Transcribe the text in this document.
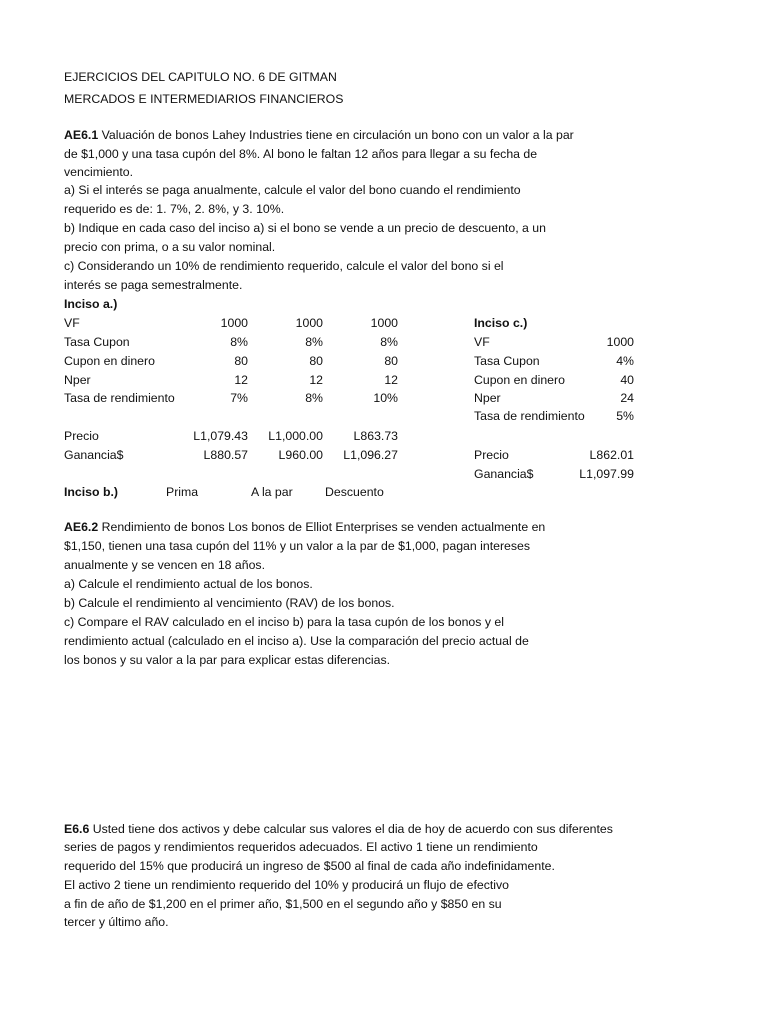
EJERCICIOS DEL CAPITULO NO. 6 DE GITMAN
MERCADOS E INTERMEDIARIOS FINANCIEROS
AE6.1 Valuación de bonos Lahey Industries tiene en circulación un bono con un valor a la par
de $1,000 y una tasa cupón del 8%. Al bono le faltan 12 años para llegar a su fecha de
vencimiento.
a) Si el interés se paga anualmente, calcule el valor del bono cuando el rendimiento
requerido es de: 1. 7%, 2. 8%, y 3. 10%.
b) Indique en cada caso del inciso a) si el bono se vende a un precio de descuento, a un
precio con prima, o a su valor nominal.
c) Considerando un 10% de rendimiento requerido, calcule el valor del bono si el
interés se paga semestralmente.
Inciso a.)
VF	1000	1000	1000
Tasa Cupon	8%	8%	8%
Cupon en dinero	80	80	80
Nper	12	12	12
Tasa de rendimiento	7%	8%	10%
Precio	L1,079.43	L1,000.00	L863.73
Ganancia$	L880.57	L960.00	L1,096.27
Inciso b.)	Prima	A la par	Descuento
Inciso c.)
VF	1000
Tasa Cupon	4%
Cupon en dinero	40
Nper	24
Tasa de rendimiento	5%
Precio	L862.01
Ganancia$	L1,097.99
AE6.2 Rendimiento de bonos Los bonos de Elliot Enterprises se venden actualmente en
$1,150, tienen una tasa cupón del 11% y un valor a la par de $1,000, pagan intereses
anualmente y se vencen en 18 años.
a) Calcule el rendimiento actual de los bonos.
b) Calcule el rendimiento al vencimiento (RAV) de los bonos.
c) Compare el RAV calculado en el inciso b) para la tasa cupón de los bonos y el
rendimiento actual (calculado en el inciso a). Use la comparación del precio actual de
los bonos y su valor a la par para explicar estas diferencias.
E6.6 Usted tiene dos activos y debe calcular sus valores el dia de hoy de acuerdo con sus diferentes
series de pagos y rendimientos requeridos adecuados. El activo 1 tiene un rendimiento
requerido del 15% que producirá un ingreso de $500 al final de cada año indefinidamente.
El activo 2 tiene un rendimiento requerido del 10% y producirá un flujo de efectivo
a fin de año de $1,200 en el primer año, $1,500 en el segundo año y $850 en su
tercer y último año.
